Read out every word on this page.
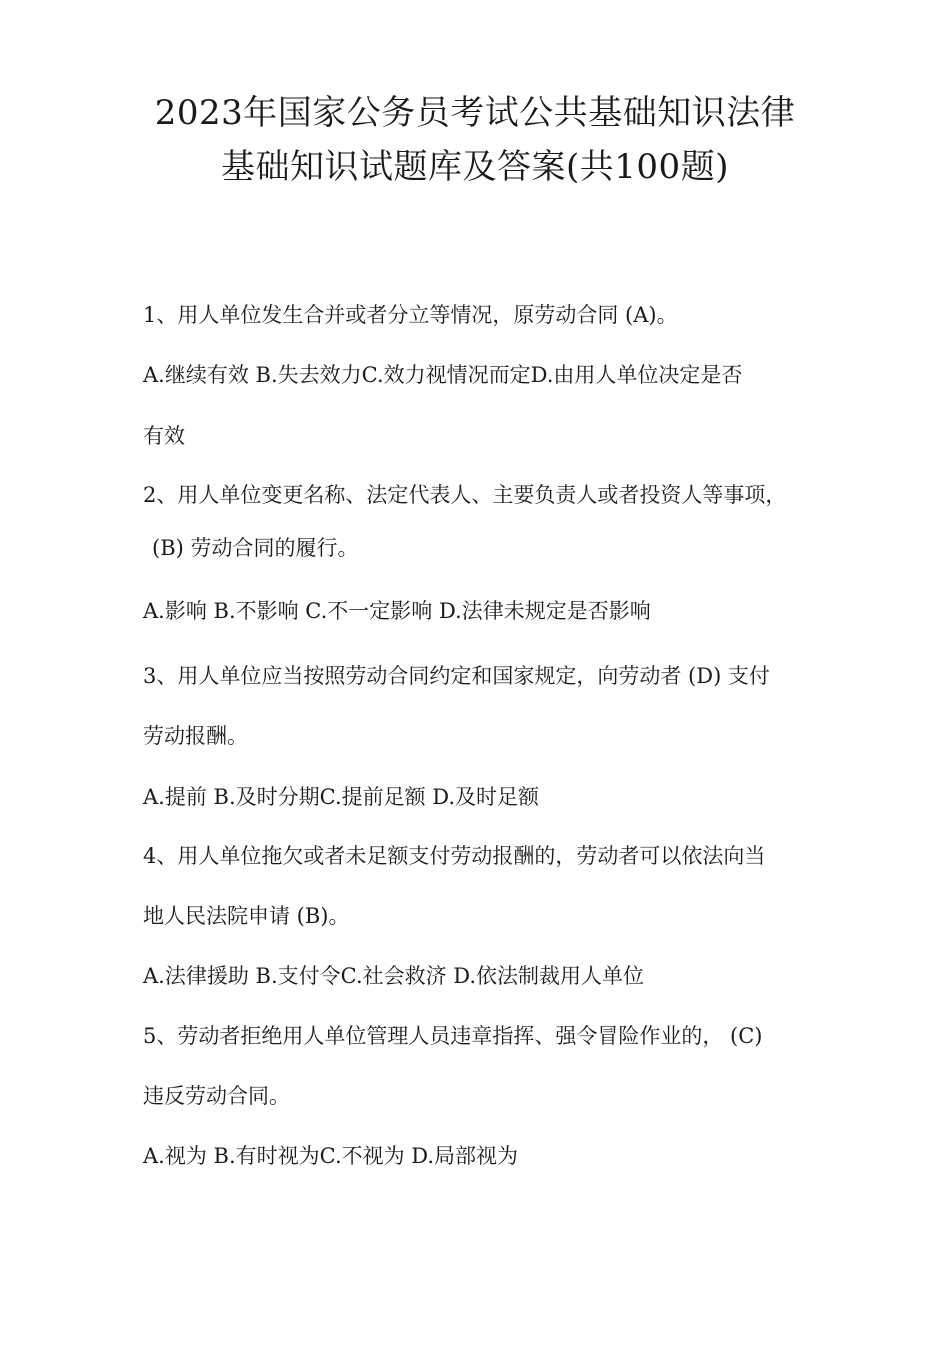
2023年国家公务员考试公共基础知识法律
基础知识试题库及答案(共100题)
1、用人单位发生合并或者分立等情况，原劳动合同 (A)。
A.继续有效 B.失去效力C.效力视情况而定D.由用人单位决定是否
有效
2、用人单位变更名称、法定代表人、主要负责人或者投资人等事项，
(B) 劳动合同的履行。
A.影响 B.不影响 C.不一定影响 D.法律未规定是否影响
3、用人单位应当按照劳动合同约定和国家规定，向劳动者 (D) 支付
劳动报酬。
A.提前 B.及时分期C.提前足额 D.及时足额
4、用人单位拖欠或者未足额支付劳动报酬的，劳动者可以依法向当
地人民法院申请 (B)。
A.法律援助 B.支付令C.社会救济 D.依法制裁用人单位
5、劳动者拒绝用人单位管理人员违章指挥、强令冒险作业的， (C)
违反劳动合同。
A.视为 B.有时视为C.不视为 D.局部视为
